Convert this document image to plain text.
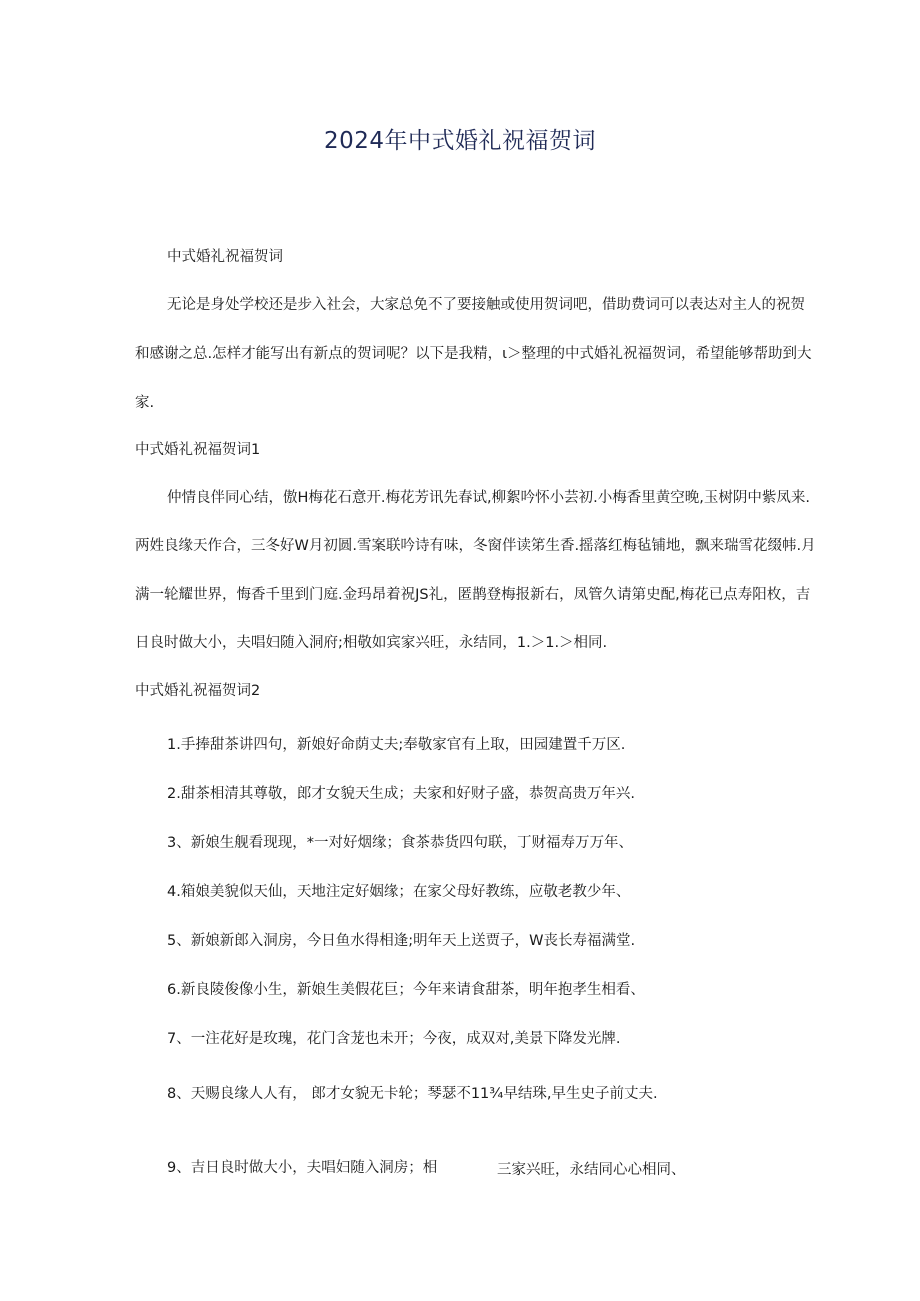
2024年中式婚礼祝福贺词

中式婚礼祝福贺词

无论是身处学校还是步入社会，大家总免不了要接触或使用贺词吧，借助费词可以表达对主人的祝贺

和感谢之总.怎样才能写出有新点的贺词呢？以下是我精，ι＞整理的中式婚礼祝福贺词，希望能够帮助到大

家.

中式婚礼祝福贺词1

仲情良伴同心结，傲H梅花石意开.梅花芳讯先春试,柳絮吟怀小芸初.小梅香里黄空晚,玉树阴中紫凤来.

两姓良缘天作合，三冬好W月初圆.雪案联吟诗有味，冬窗伴读笫生香.摇落红梅毡铺地，飘来瑞雪花缀帏.月

满一轮耀世界，悔香千里到门庭.金玛昂着祝JS礼，匿鹊登梅报新右，凤管久请第史配,梅花已点寿阳枚，吉

日良时做大小，夫唱妇随入洞府;相敬如宾家兴旺，永结同，1.＞1.＞相同.

中式婚礼祝福贺词2

1.手捧甜茶讲四句，新娘好命荫丈夫;奉敬家官有上取，田园建置千万区.

2.甜茶相清其尊敬，郎才女貌天生成；夫家和好财子盛，恭贺高贵万年兴.

3、新娘生舰看现现，*一对好烟缘；食茶恭货四句联，丁财福寿万万年、

4.箱娘美貌似天仙，天地注定好姻缘；在家父母好教练，应敬老教少年、

5、新娘新郎入洞房，今日鱼水得相逢;明年天上送贾子，W丧长寿福满堂.

6.新良陵俊像小生，新娘生美假花巨；今年来请食甜茶，明年抱孝生相看、

7、一注花好是玫瑰，花门含茏也未开；今夜，成双对,美景下降发光牌.

8、天赐良缘人人有， 郎才女貌无卡轮；琴瑟不11¾早结珠,早生史子前丈夫.

9、吉日良时做大小，夫唱妇随入洞房；相	三家兴旺，永结同心心相同、
